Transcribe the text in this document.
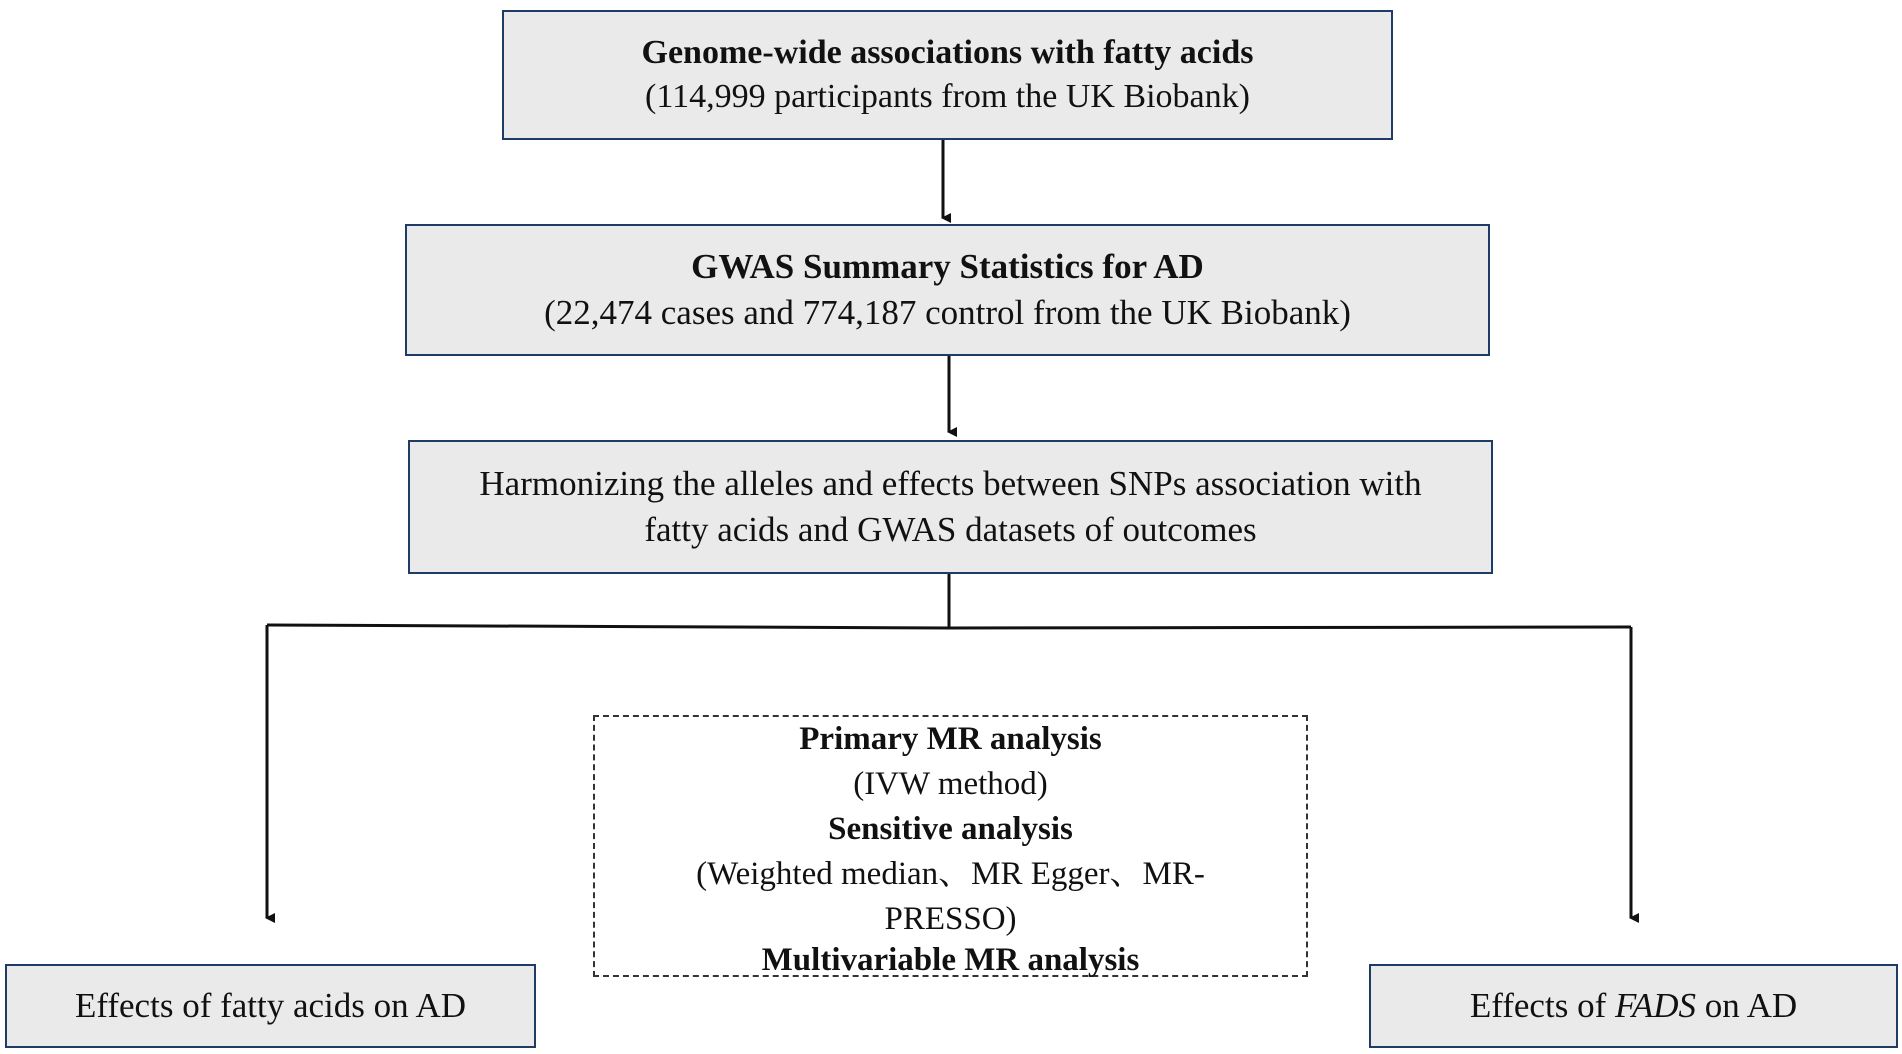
Genome-wide associations with fatty acids
(114,999 participants from the UK Biobank)
GWAS Summary Statistics for AD
(22,474 cases and 774,187 control from the UK Biobank)
Harmonizing the alleles and effects between SNPs association with
fatty acids and GWAS datasets of outcomes
Primary MR analysis
(IVW method)
Sensitive analysis
(Weighted median、MR Egger、MR-
PRESSO)
Multivariable MR analysis
Effects of fatty acids on AD	Effects of FADS on AD
